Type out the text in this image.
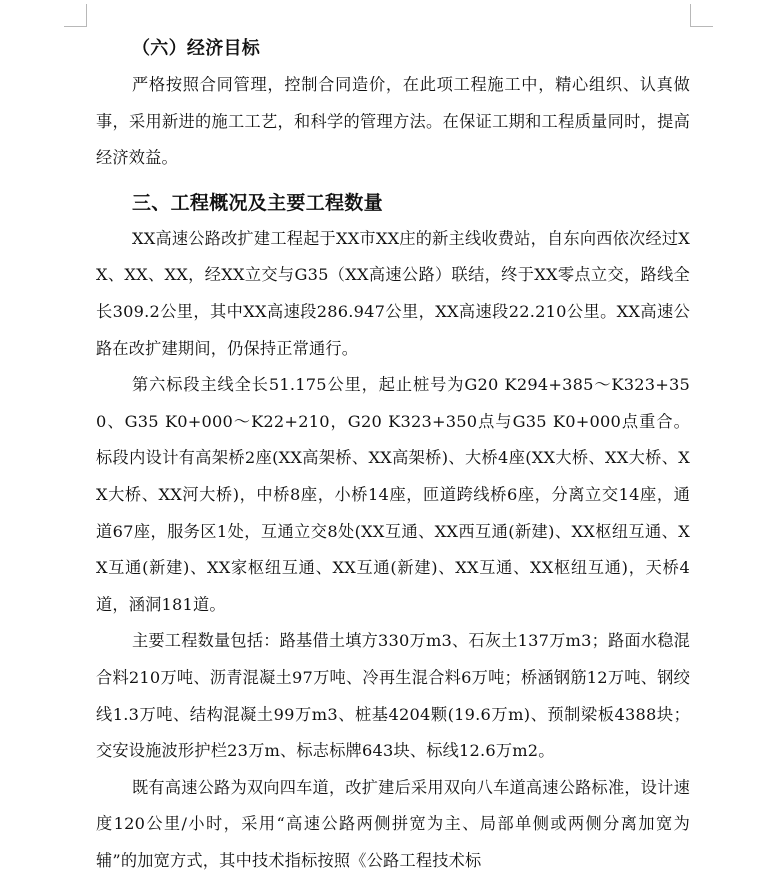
（六）经济目标

严格按照合同管理，控制合同造价，在此项工程施工中，精心组织、认真做事，采用新进的施工工艺，和科学的管理方法。在保证工期和工程质量同时，提高经济效益。

三、工程概况及主要工程数量

XX高速公路改扩建工程起于XX市XX庄的新主线收费站，自东向西依次经过XX、XX、XX，经XX立交与G35（XX高速公路）联结，终于XX零点立交，路线全长309.2公里，其中XX高速段286.947公里，XX高速段22.210公里。XX高速公路在改扩建期间，仍保持正常通行。

第六标段主线全长51.175公里，起止桩号为G20 K294+385～K323+350、G35 K0+000～K22+210，G20 K323+350点与G35 K0+000点重合。标段内设计有高架桥2座(XX高架桥、XX高架桥)、大桥4座(XX大桥、XX大桥、XX大桥、XX河大桥)，中桥8座，小桥14座，匝道跨线桥6座，分离立交14座，通道67座，服务区1处，互通立交8处(XX互通、XX西互通(新建)、XX枢纽互通、XX互通(新建)、XX家枢纽互通、XX互通(新建)、XX互通、XX枢纽互通)，天桥4道，涵洞181道。

主要工程数量包括：路基借土填方330万m3、石灰土137万m3；路面水稳混合料210万吨、沥青混凝土97万吨、冷再生混合料6万吨；桥涵钢筋12万吨、钢绞线1.3万吨、结构混凝土99万m3、桩基4204颗(19.6万m)、预制梁板4388块；交安设施波形护栏23万m、标志标牌643块、标线12.6万m2。

既有高速公路为双向四车道，改扩建后采用双向八车道高速公路标准，设计速度120公里/小时，采用“高速公路两侧拼宽为主、局部单侧或两侧分离加宽为辅”的加宽方式，其中技术指标按照《公路工程技术标
